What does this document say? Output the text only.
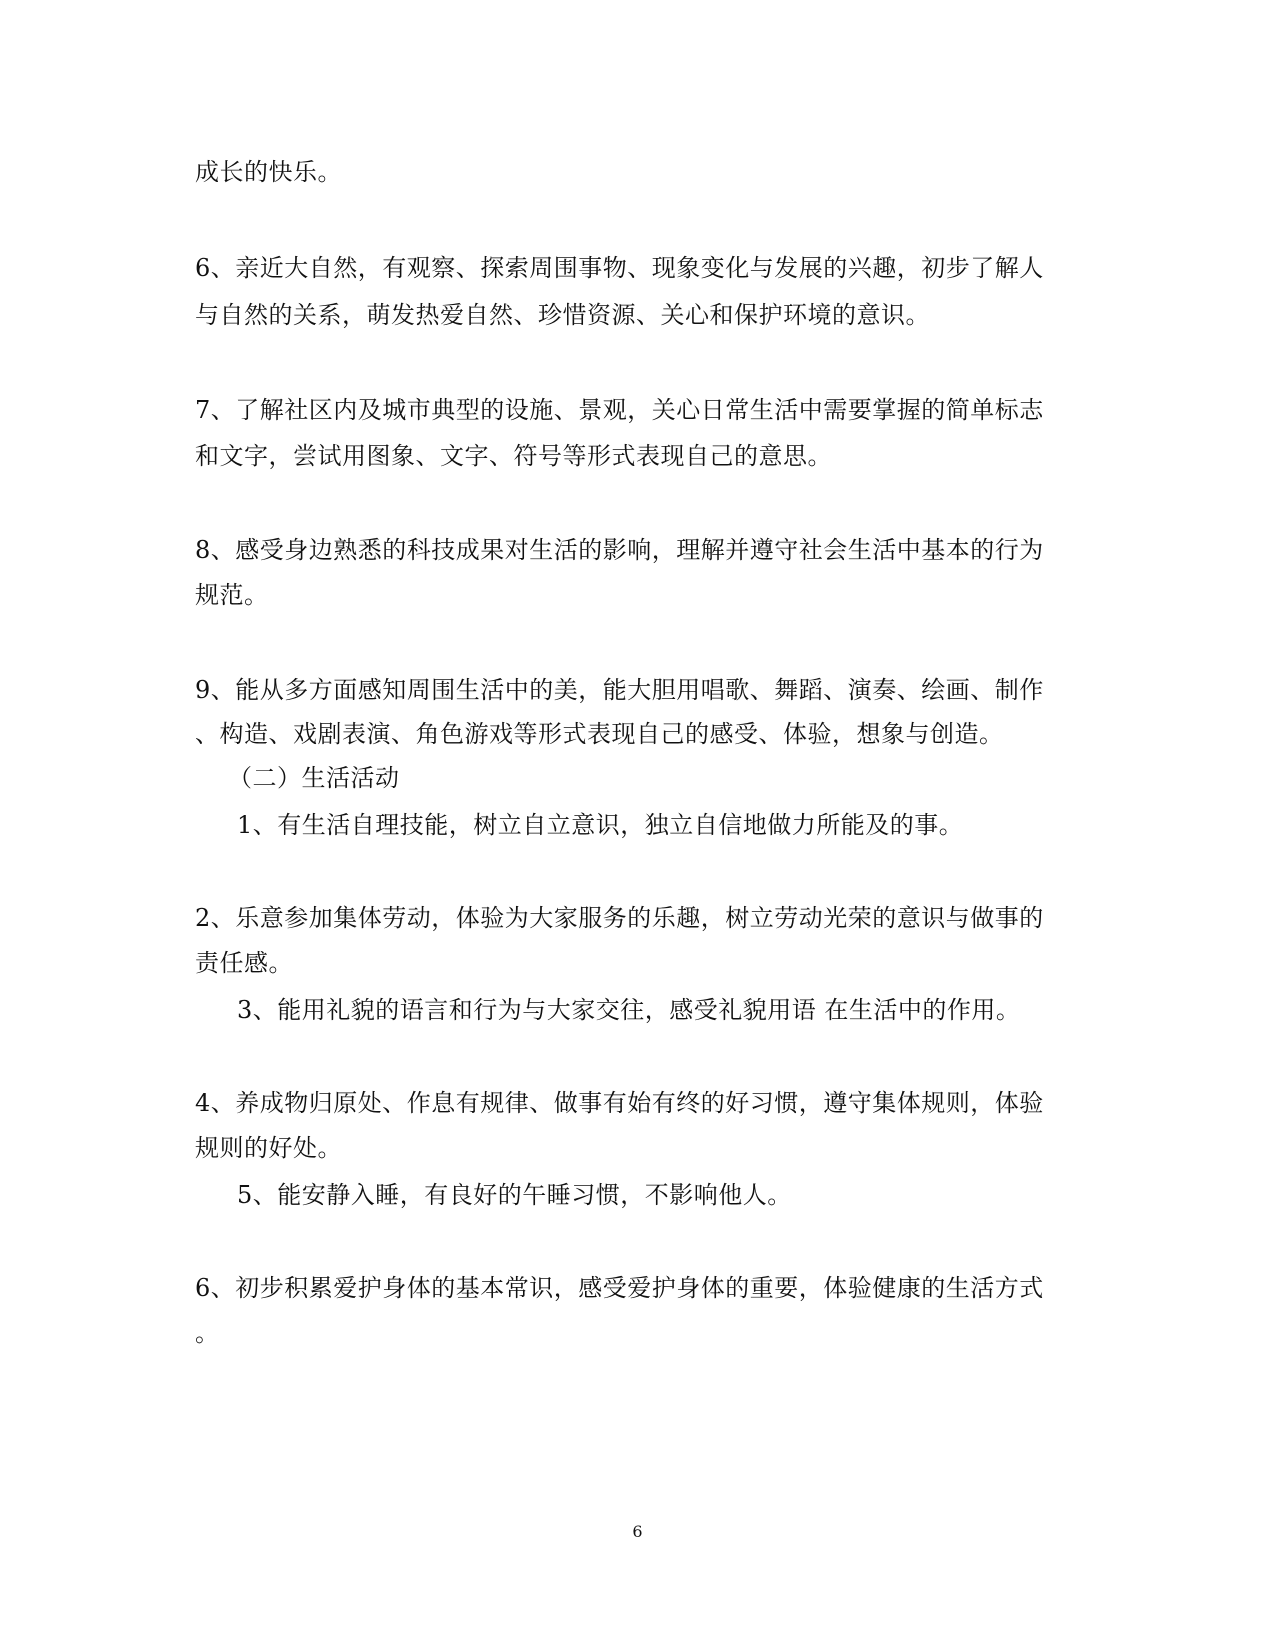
成长的快乐。
6、亲近大自然，有观察、探索周围事物、现象变化与发展的兴趣，初步了解人
与自然的关系，萌发热爱自然、珍惜资源、关心和保护环境的意识。
7、了解社区内及城市典型的设施、景观，关心日常生活中需要掌握的简单标志
和文字，尝试用图象、文字、符号等形式表现自己的意思。
8、感受身边熟悉的科技成果对生活的影响，理解并遵守社会生活中基本的行为
规范。
9、能从多方面感知周围生活中的美，能大胆用唱歌、舞蹈、演奏、绘画、制作
、构造、戏剧表演、角色游戏等形式表现自己的感受、体验，想象与创造。
（二）生活活动
1、有生活自理技能，树立自立意识，独立自信地做力所能及的事。
2、乐意参加集体劳动，体验为大家服务的乐趣，树立劳动光荣的意识与做事的
责任感。
3、能用礼貌的语言和行为与大家交往，感受礼貌用语 在生活中的作用。
4、养成物归原处、作息有规律、做事有始有终的好习惯，遵守集体规则，体验
规则的好处。
5、能安静入睡，有良好的午睡习惯，不影响他人。
6、初步积累爱护身体的基本常识，感受爱护身体的重要，体验健康的生活方式
。
6
